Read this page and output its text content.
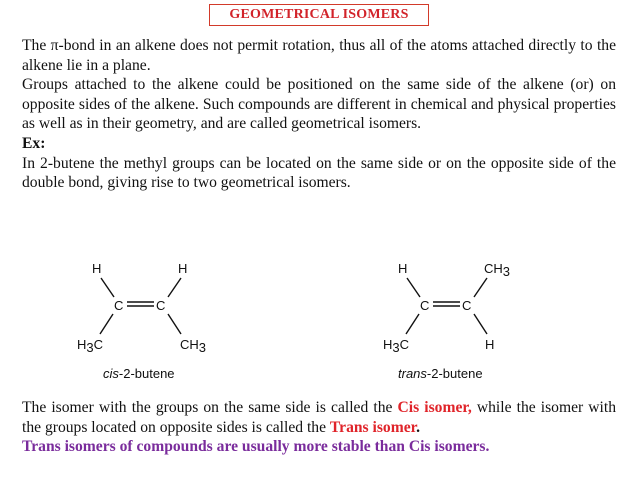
GEOMETRICAL ISOMERS
The π-bond in an alkene does not permit rotation, thus all of the atoms attached directly to the alkene lie in a plane.
Groups attached to the alkene could be positioned on the same side of the alkene (or) on opposite sides of the alkene. Such compounds are different in chemical and physical properties as well as in their geometry, and are called geometrical isomers.
Ex:
In 2-butene the methyl groups can be located on the same side or on the opposite side of the double bond, giving rise to two geometrical isomers.
H	H
C	C
H3C	CH3
cis-2-butene
H	CH3
C	C
H3C	H
trans-2-butene
The isomer with the groups on the same side is called the Cis isomer, while the isomer with the groups located on opposite sides is called the Trans isomer.
Trans isomers of compounds are usually more stable than Cis isomers.
